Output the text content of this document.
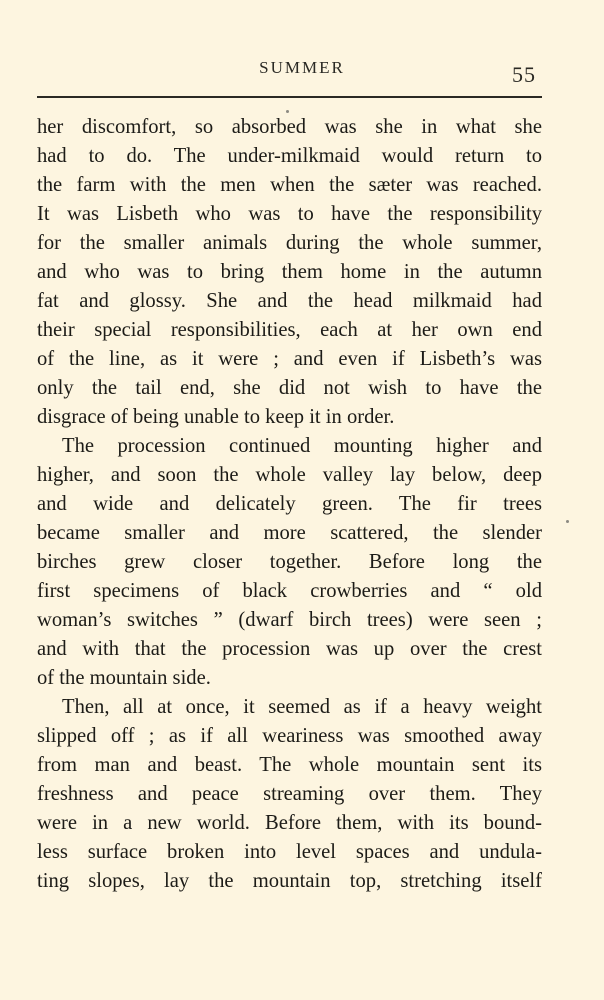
SUMMER	55
her discomfort, so absorbed was she in what she
had to do. The under-milkmaid would return to
the farm with the men when the sæter was reached.
It was Lisbeth who was to have the responsibility
for the smaller animals during the whole summer,
and who was to bring them home in the autumn
fat and glossy. She and the head milkmaid had
their special responsibilities, each at her own end
of the line, as it were ; and even if Lisbeth’s was
only the tail end, she did not wish to have the
disgrace of being unable to keep it in order.
The procession continued mounting higher and
higher, and soon the whole valley lay below, deep
and wide and delicately green. The fir trees
became smaller and more scattered, the slender
birches grew closer together. Before long the
first specimens of black crowberries and “ old
woman’s switches ” (dwarf birch trees) were seen ;
and with that the procession was up over the crest
of the mountain side.
Then, all at once, it seemed as if a heavy weight
slipped off ; as if all weariness was smoothed away
from man and beast. The whole mountain sent its
freshness and peace streaming over them. They
were in a new world. Before them, with its bound-
less surface broken into level spaces and undula-
ting slopes, lay the mountain top, stretching itself
